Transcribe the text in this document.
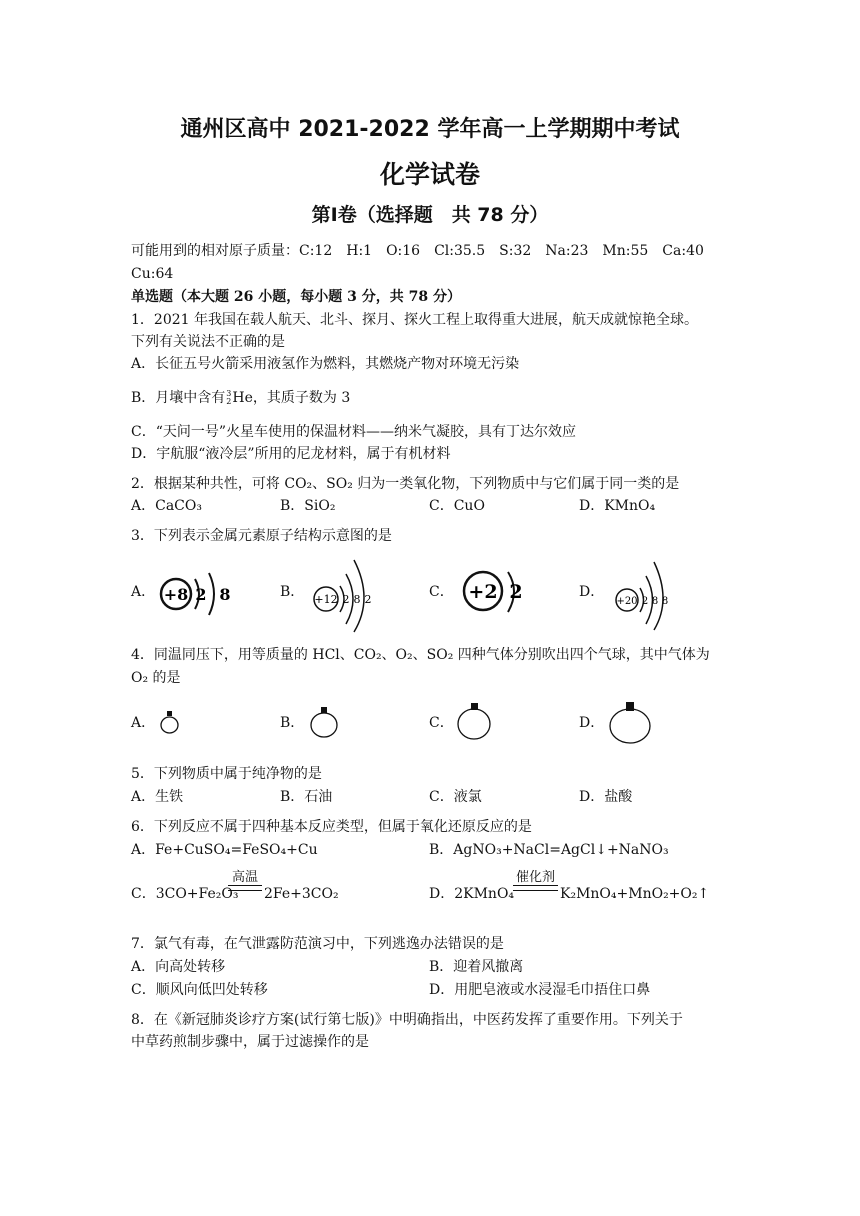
通州区高中 2021-2022 学年高一上学期期中考试
化学试卷
第Ⅰ卷（选择题　共 78 分）
可能用到的相对原子质量：C:12　H:1　O:16　Cl:35.5　S:32　Na:23　Mn:55　Ca:40
Cu:64
单选题（本大题 26 小题，每小题 3 分，共 78 分）
1．2021 年我国在载人航天、北斗、探月、探火工程上取得重大进展，航天成就惊艳全球。
下列有关说法不正确的是
A．长征五号火箭采用液氢作为燃料，其燃烧产物对环境无污染
B．月壤中含有 3
2 He，其质子数为 3
C．“天问一号”火星车使用的保温材料——纳米气凝胶，具有丁达尔效应
D．宇航服“液冷层”所用的尼龙材料，属于有机材料
2．根据某种共性，可将 CO₂、SO₂ 归为一类氧化物，下列物质中与它们属于同一类的是
A．CaCO₃	B．SiO₂	C．CuO	D．KMnO₄
3．下列表示金属元素原子结构示意图的是
A．	B．	C．	D．
+8 2 8	+12 2 8 2	+2 2	+20 2 8 8
4．同温同压下，用等质量的 HCl、CO₂、O₂、SO₂ 四种气体分别吹出四个气球，其中气体为
O₂ 的是
A．	B．	C．	D．
5．下列物质中属于纯净物的是
A．生铁	B．石油	C．液氯	D．盐酸
6．下列反应不属于四种基本反应类型，但属于氧化还原反应的是
A．Fe+CuSO₄=FeSO₄+Cu	B．AgNO₃+NaCl=AgCl↓+NaNO₃
C．3CO+Fe₂O₃
高温
2Fe+3CO₂	D．2KMnO₄
催化剂
K₂MnO₄+MnO₂+O₂↑
7．氯气有毒，在气泄露防范演习中，下列逃逸办法错误的是
A．向高处转移	B．迎着风撤离
C．顺风向低凹处转移	D．用肥皂液或水浸湿毛巾捂住口鼻
8．在《新冠肺炎诊疗方案(试行第七版)》中明确指出，中医药发挥了重要作用。下列关于
中草药煎制步骤中，属于过滤操作的是
